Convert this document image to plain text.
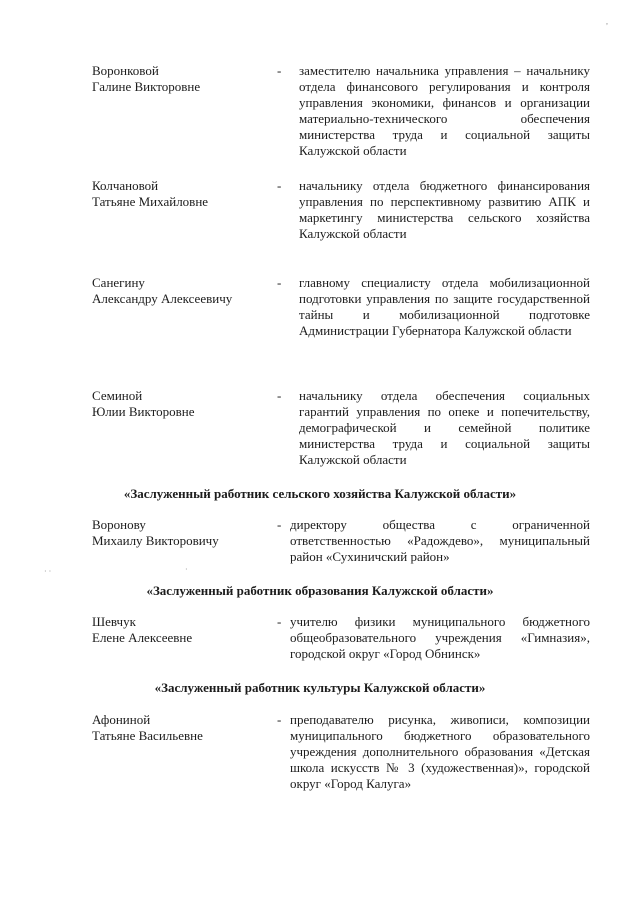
Воронковой
Галине Викторовне
-	заместителю начальника управления – начальнику отдела финансового регулирования и контроля управления экономики, финансов и организации материально-технического обеспечения министерства труда и социальной защиты Калужской области
Колчановой
Татьяне Михайловне
-	начальнику отдела бюджетного финансирования управления по перспективному развитию АПК и маркетингу министерства сельского хозяйства Калужской области
Санегину
Александру Алексеевичу
-	главному специалисту отдела мобилизационной подготовки управления по защите государственной тайны и мобилизационной подготовке Администрации Губернатора Калужской области
Семиной
Юлии Викторовне
-	начальнику отдела обеспечения социальных гарантий управления по опеке и попечительству, демографической и семейной политике министерства труда и социальной защиты Калужской области
«Заслуженный работник сельского хозяйства Калужской области»
Воронову
Михаилу Викторовичу
- директору общества с ограниченной ответственностью «Радождево», муниципальный район «Сухиничский район»
«Заслуженный работник образования Калужской области»
Шевчук
Елене Алексеевне
- учителю физики муниципального бюджетного общеобразовательного учреждения «Гимназия», городской округ «Город Обнинск»
«Заслуженный работник культуры Калужской области»
Афониной
Татьяне Васильевне
- преподавателю рисунка, живописи, композиции муниципального бюджетного образовательного учреждения дополнительного образования «Детская школа искусств № 3 (художественная)», городской округ «Город Калуга»
,
· ·	·
